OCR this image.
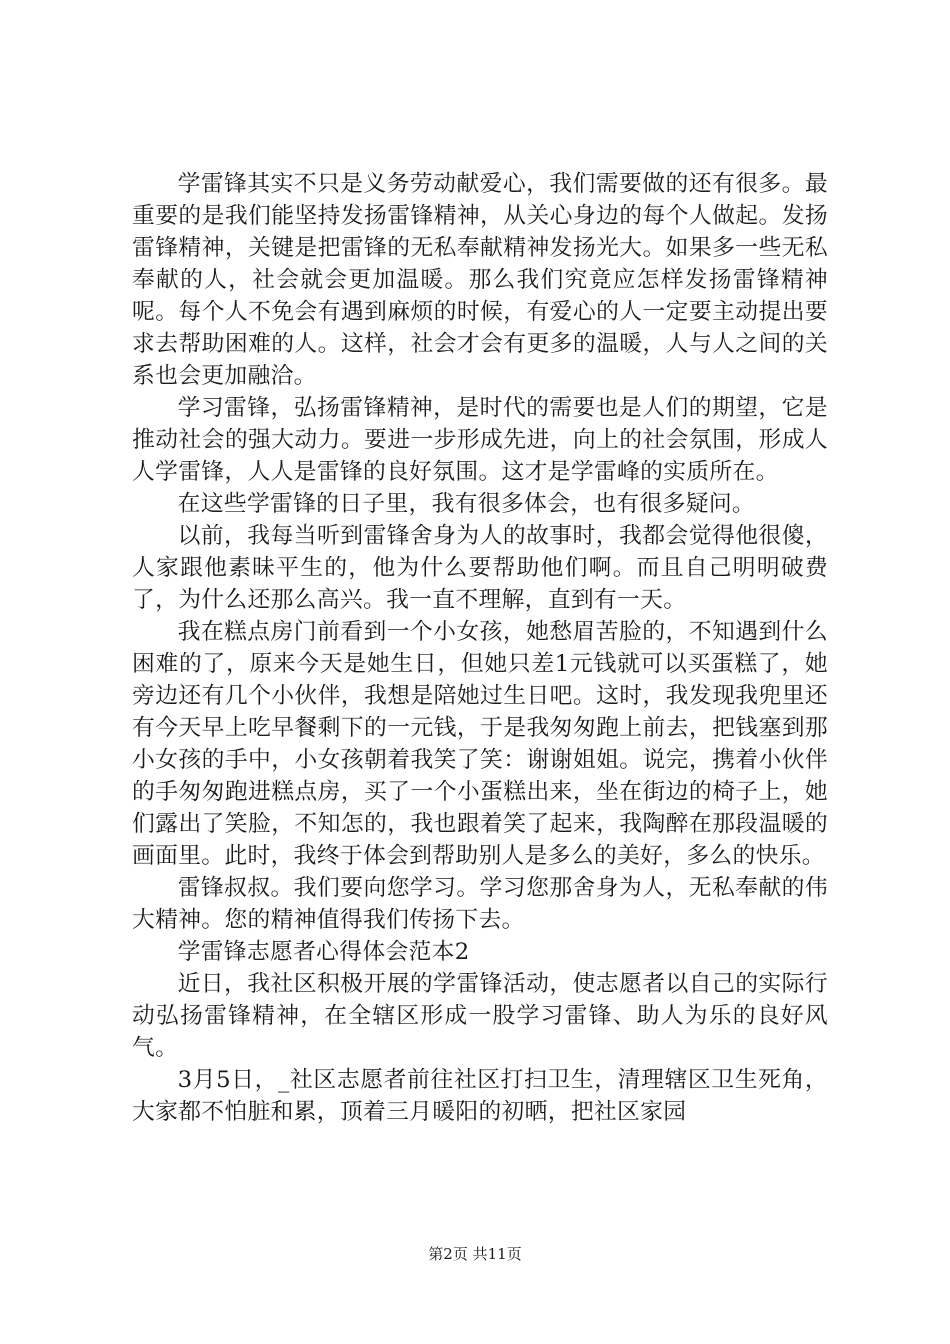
学雷锋其实不只是义务劳动献爱心，我们需要做的还有很多。最重要的是我们能坚持发扬雷锋精神，从关心身边的每个人做起。发扬雷锋精神，关键是把雷锋的无私奉献精神发扬光大。如果多一些无私奉献的人，社会就会更加温暖。那么我们究竟应怎样发扬雷锋精神呢。每个人不免会有遇到麻烦的时候，有爱心的人一定要主动提出要求去帮助困难的人。这样，社会才会有更多的温暖，人与人之间的关系也会更加融洽。

学习雷锋，弘扬雷锋精神，是时代的需要也是人们的期望，它是推动社会的强大动力。要进一步形成先进，向上的社会氛围，形成人人学雷锋，人人是雷锋的良好氛围。这才是学雷峰的实质所在。

在这些学雷锋的日子里，我有很多体会，也有很多疑问。

以前，我每当听到雷锋舍身为人的故事时，我都会觉得他很傻，人家跟他素昧平生的，他为什么要帮助他们啊。而且自己明明破费了，为什么还那么高兴。我一直不理解，直到有一天。

我在糕点房门前看到一个小女孩，她愁眉苦脸的，不知遇到什么困难的了，原来今天是她生日，但她只差1元钱就可以买蛋糕了，她旁边还有几个小伙伴，我想是陪她过生日吧。这时，我发现我兜里还有今天早上吃早餐剩下的一元钱，于是我匆匆跑上前去，把钱塞到那小女孩的手中，小女孩朝着我笑了笑：谢谢姐姐。说完，携着小伙伴的手匆匆跑进糕点房，买了一个小蛋糕出来，坐在街边的椅子上，她们露出了笑脸，不知怎的，我也跟着笑了起来，我陶醉在那段温暖的画面里。此时，我终于体会到帮助别人是多么的美好，多么的快乐。

雷锋叔叔。我们要向您学习。学习您那舍身为人，无私奉献的伟大精神。您的精神值得我们传扬下去。

学雷锋志愿者心得体会范本2

近日，我社区积极开展的学雷锋活动，使志愿者以自己的实际行动弘扬雷锋精神，在全辖区形成一股学习雷锋、助人为乐的良好风气。

3月5日，_社区志愿者前往社区打扫卫生，清理辖区卫生死角，大家都不怕脏和累，顶着三月暖阳的初晒，把社区家园

第2页 共11页
